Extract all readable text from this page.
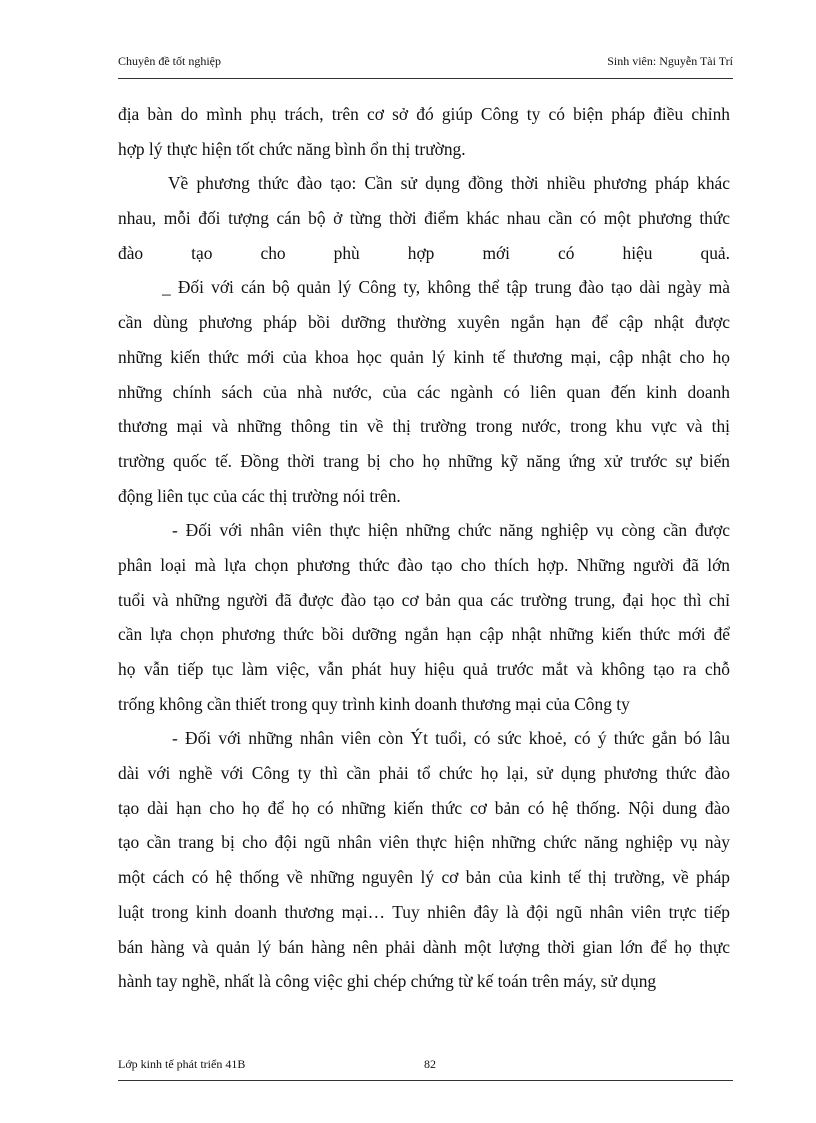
Chuyên đề tốt nghiệp	Sinh viên: Nguyễn Tài Trí
địa bàn do mình phụ trách, trên cơ sở đó giúp Công ty có biện pháp điều chỉnh
hợp lý thực hiện tốt chức năng bình ổn thị trường.
Về phương thức đào tạo: Cần sử dụng đồng thời nhiều phương pháp khác
nhau, mỗi đối tượng cán bộ ở từng thời điểm khác nhau cần có một phương thức
đào tạo cho phù hợp mới có hiệu quả.
_ Đối với cán bộ quản lý Công ty, không thể tập trung đào tạo dài ngày mà
cần dùng phương pháp bồi dưỡng thường xuyên ngắn hạn để cập nhật được
những kiến thức mới của khoa học quản lý kinh tế thương mại, cập nhật cho họ
những chính sách của nhà nước, của các ngành có liên quan đến kinh doanh
thương mại và những thông tin về thị trường trong nước, trong khu vực và thị
trường quốc tế. Đồng thời trang bị cho họ những kỹ năng ứng xử trước sự biến
động liên tục của các thị trường nói trên.
- Đối với nhân viên thực hiện những chức năng nghiệp vụ còng cần được
phân loại mà lựa chọn phương thức đào tạo cho thích hợp. Những người đã lớn
tuổi và những người đã được đào tạo cơ bản qua các trường trung, đại học thì chỉ
cần lựa chọn phương thức bồi dưỡng ngắn hạn cập nhật những kiến thức mới để
họ vẫn tiếp tục làm việc, vẫn phát huy hiệu quả trước mắt và không tạo ra chỗ
trống không cần thiết trong quy trình kinh doanh thương mại của Công ty
- Đối với những nhân viên còn Ýt tuổi, có sức khoẻ, có ý thức gắn bó lâu
dài với nghề với Công ty thì cần phải tổ chức họ lại, sử dụng phương thức đào
tạo dài hạn cho họ để họ có những kiến thức cơ bản có hệ thống. Nội dung đào
tạo cần trang bị cho đội ngũ nhân viên thực hiện những chức năng nghiệp vụ này
một cách có hệ thống về những nguyên lý cơ bản của kinh tế thị trường, về pháp
luật trong kinh doanh thương mại… Tuy nhiên đây là đội ngũ nhân viên trực tiếp
bán hàng và quản lý bán hàng nên phải dành một lượng thời gian lớn để họ thực
hành tay nghề, nhất là công việc ghi chép chứng từ kế toán trên máy, sử dụng
Lớp kinh tế phát triển 41B	82
